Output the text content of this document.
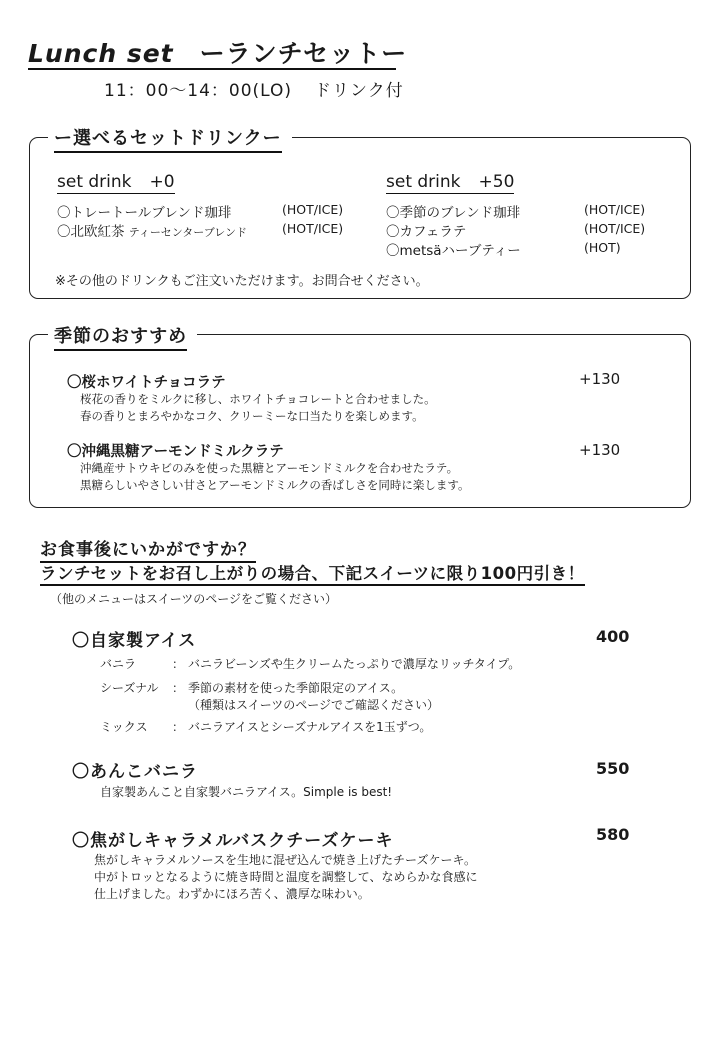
Lunch set ーランチセットー
11：00～14：00(LO) ドリンク付
ー選べるセットドリンクー
set drink +0
〇トレートールブレンド珈琲	(HOT/ICE)
〇北欧紅茶 ティーセンターブレンド	(HOT/ICE)
set drink +50
〇季節のブレンド珈琲	(HOT/ICE)
〇カフェラテ	(HOT/ICE)
〇metsäハーブティー	(HOT)
※その他のドリンクもご注文いただけます。お問合せください。
季節のおすすめ
〇桜ホワイトチョコラテ	+130
桜花の香りをミルクに移し、ホワイトチョコレートと合わせました。
春の香りとまろやかなコク、クリーミーな口当たりを楽しめます。
〇沖縄黒糖アーモンドミルクラテ	+130
沖縄産サトウキビのみを使った黒糖とアーモンドミルクを合わせたラテ。
黒糖らしいやさしい甘さとアーモンドミルクの香ばしさを同時に楽します。
お食事後にいかがですか？
ランチセットをお召し上がりの場合、下記スイーツに限り100円引き！
（他のメニューはスイーツのページをご覧ください）
〇自家製アイス	400
バニラ	： バニラビーンズや生クリームたっぷりで濃厚なリッチタイプ。
シーズナル ： 季節の素材を使った季節限定のアイス。
（種類はスイーツのページでご確認ください）
ミックス ： バニラアイスとシーズナルアイスを1玉ずつ。
〇あんこバニラ	550
自家製あんこと自家製バニラアイス。Simple is best!
〇焦がしキャラメルバスクチーズケーキ	580
焦がしキャラメルソースを生地に混ぜ込んで焼き上げたチーズケーキ。
中がトロッとなるように焼き時間と温度を調整して、なめらかな食感に
仕上げました。わずかにほろ苦く、濃厚な味わい。
